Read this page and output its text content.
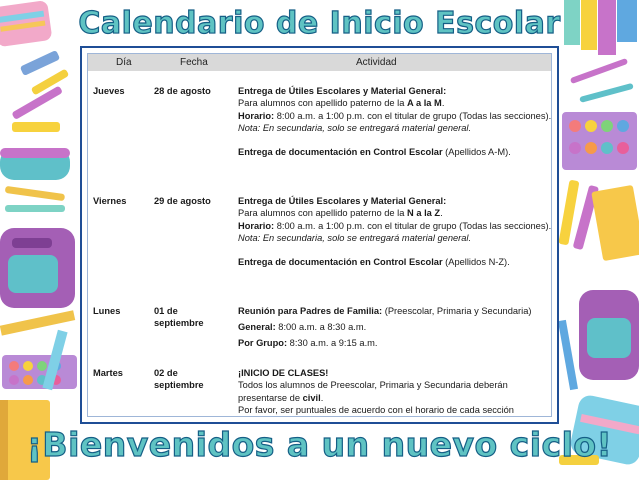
Calendario de Inicio Escolar
Día	Fecha	Actividad
Jueves	28 de agosto	Entrega de Útiles Escolares y Material General:

Para alumnos con apellido paterno de la A a la M.

Horario: 8:00 a.m. a 1:00 p.m. con el titular de grupo (Todas las secciones).

Nota: En secundaria, solo se entregará material general.

Entrega de documentación en Control Escolar (Apellidos A-M).

Viernes	29 de agosto	Entrega de Útiles Escolares y Material General:

Para alumnos con apellido paterno de la N a la Z.

Horario: 8:00 a.m. a 1:00 p.m. con el titular de grupo (Todas las secciones).

Nota: En secundaria, solo se entregará material general.

Entrega de documentación en Control Escolar (Apellidos N-Z).

Lunes	01 de septiembre

Reunión para Padres de Familia: (Preescolar, Primaria y Secundaria)

General: 8:00 a.m. a 8:30 a.m.

Por Grupo: 8:30 a.m. a 9:15 a.m.

Martes	02 de septiembre

¡INICIO DE CLASES!

Todos los alumnos de Preescolar, Primaria y Secundaria deberán presentarse de civil.

Por favor, ser puntuales de acuerdo con el horario de cada sección

¡Bienvenidos a un nuevo ciclo!
